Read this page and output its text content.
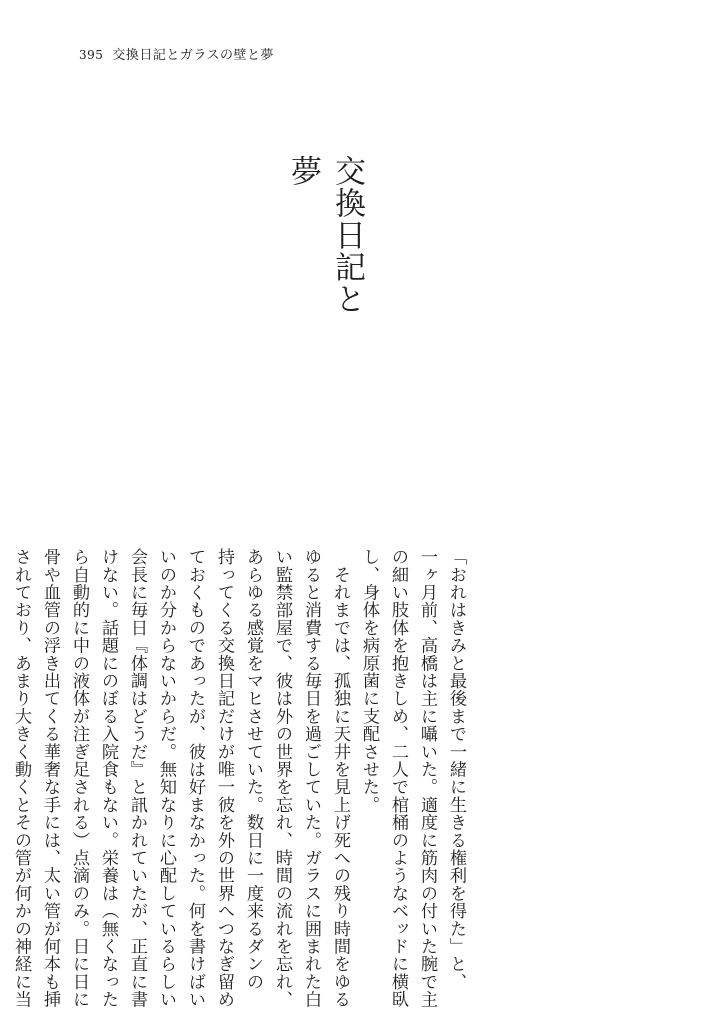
395 交換日記とガラスの壁と夢
交換日記と夢
「おれはきみと最後まで一緒に生きる権利を得た」と、
一ヶ月前、高橋は主に囁いた。適度に筋肉の付いた腕で主
の細い肢体を抱きしめ、二人で棺桶のようなベッドに横臥
し、身体を病原菌に支配させた。
　それまでは、孤独に天井を見上げ死への残り時間をゆる
ゆると消費する毎日を過ごしていた。ガラスに囲まれた白
い監禁部屋で、彼は外の世界を忘れ、時間の流れを忘れ、
あらゆる感覚をマヒさせていた。数日に一度来るダンの
持ってくる交換日記だけが唯一彼を外の世界へつなぎ留め
ておくものであったが、彼は好まなかった。何を書けばい
いのか分からないからだ。無知なりに心配しているらしい
会長に毎日『体調はどうだ』と訊かれていたが、正直に書
けない。話題にのぼる入院食もない。栄養は（無くなった
ら自動的に中の液体が注ぎ足される）点滴のみ。日に日に
骨や血管の浮き出てくる華奢な手には、太い管が何本も挿
されており、あまり大きく動くとその管が何かの神経に当
